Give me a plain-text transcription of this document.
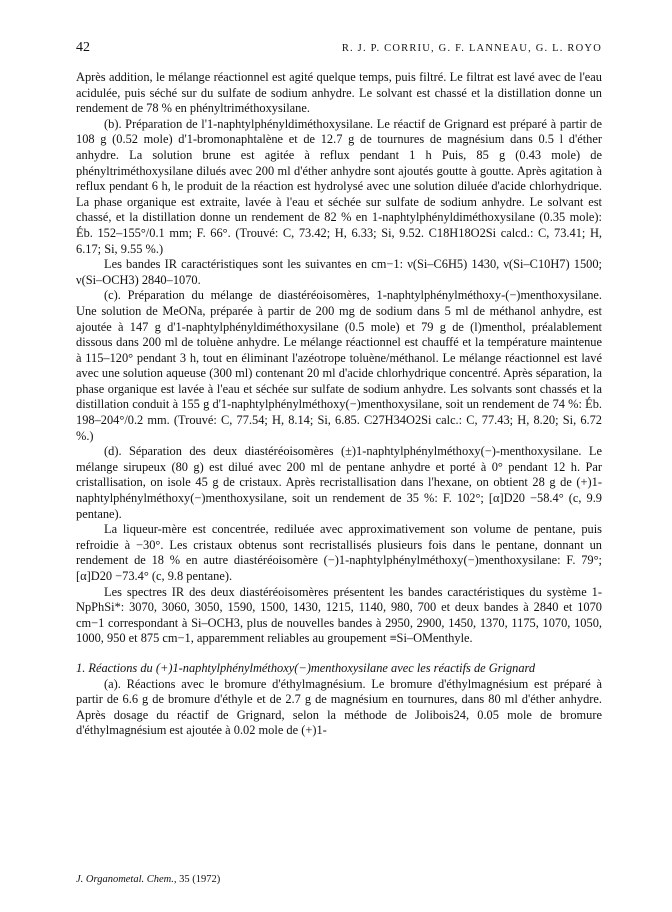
42	R. J. P. CORRIU, G. F. LANNEAU, G. L. ROYO

Après addition, le mélange réactionnel est agité quelque temps, puis filtré. Le filtrat est lavé avec de l'eau acidulée, puis séché sur du sulfate de sodium anhydre. Le solvant est chassé et la distillation donne un rendement de 78 % en phényltriméthoxysilane.

(b). Préparation de l'1-naphtylphényldiméthoxysilane. Le réactif de Grignard est préparé à partir de 108 g (0.52 mole) d'1-bromonaphtalène et de 12.7 g de tournures de magnésium dans 0.5 l d'éther anhydre. La solution brune est agitée à reflux pendant 1 h Puis, 85 g (0.43 mole) de phényltriméthoxysilane dilués avec 200 ml d'éther anhydre sont ajoutés goutte à goutte. Après agitation à reflux pendant 6 h, le produit de la réaction est hydrolysé avec une solution diluée d'acide chlorhydrique. La phase organique est extraite, lavée à l'eau et séchée sur sulfate de sodium anhydre. Le solvant est chassé, et la distillation donne un rendement de 82 % en 1-naphtylphényldiméthoxysilane (0.35 mole): Éb. 152–155°/0.1 mm; F. 66°. (Trouvé: C, 73.42; H, 6.33; Si, 9.52. C18H18O2Si calcd.: C, 73.41; H, 6.17; Si, 9.55 %.)

Les bandes IR caractéristiques sont les suivantes en cm−1: ν(Si–C6H5) 1430, ν(Si–C10H7) 1500; ν(Si–OCH3) 2840–1070.

(c). Préparation du mélange de diastéréoisomères, 1-naphtylphénylméthoxy-(−)menthoxysilane. Une solution de MeONa, préparée à partir de 200 mg de sodium dans 5 ml de méthanol anhydre, est ajoutée à 147 g d'1-naphtylphényldiméthoxysilane (0.5 mole) et 79 g de (l)menthol, préalablement dissous dans 200 ml de toluène anhydre. Le mélange réactionnel est chauffé et la température maintenue à 115–120° pendant 3 h, tout en éliminant l'azéotrope toluène/méthanol. Le mélange réactionnel est lavé avec une solution aqueuse (300 ml) contenant 20 ml d'acide chlorhydrique concentré. Après séparation, la phase organique est lavée à l'eau et séchée sur sulfate de sodium anhydre. Les solvants sont chassés et la distillation conduit à 155 g d'1-naphtylphénylméthoxy(−)menthoxysilane, soit un rendement de 74 %: Éb. 198–204°/0.2 mm. (Trouvé: C, 77.54; H, 8.14; Si, 6.85. C27H34O2Si calc.: C, 77.43; H, 8.20; Si, 6.72 %.)

(d). Séparation des deux diastéréoisomères (±)1-naphtylphénylméthoxy(−)-menthoxysilane. Le mélange sirupeux (80 g) est dilué avec 200 ml de pentane anhydre et porté à 0° pendant 12 h. Par cristallisation, on isole 45 g de cristaux. Après recristallisation dans l'hexane, on obtient 28 g de (+)1-naphtylphénylméthoxy(−)menthoxysilane, soit un rendement de 35 %: F. 102°; [α]D20 −58.4° (c, 9.9 pentane).

La liqueur-mère est concentrée, rediluée avec approximativement son volume de pentane, puis refroidie à −30°. Les cristaux obtenus sont recristallisés plusieurs fois dans le pentane, donnant un rendement de 18 % en autre diastéréoisomère (−)1-naphtylphénylméthoxy(−)menthoxysilane: F. 79°; [α]D20 −73.4° (c, 9.8 pentane).

Les spectres IR des deux diastéréoisomères présentent les bandes caractéristiques du système 1-NpPhSi*: 3070, 3060, 3050, 1590, 1500, 1430, 1215, 1140, 980, 700 et deux bandes à 2840 et 1070 cm−1 correspondant à Si–OCH3, plus de nouvelles bandes à 2950, 2900, 1450, 1370, 1175, 1070, 1050, 1000, 950 et 875 cm−1, apparemment reliables au groupement ≡Si–OMenthyle.

1. Réactions du (+)1-naphtylphénylméthoxy(−)menthoxysilane avec les réactifs de Grignard

(a). Réactions avec le bromure d'éthylmagnésium. Le bromure d'éthylmagnésium est préparé à partir de 6.6 g de bromure d'éthyle et de 2.7 g de magnésium en tournures, dans 80 ml d'éther anhydre. Après dosage du réactif de Grignard, selon la méthode de Jolibois24, 0.05 mole de bromure d'éthylmagnésium est ajoutée à 0.02 mole de (+)1-

J. Organometal. Chem., 35 (1972)
